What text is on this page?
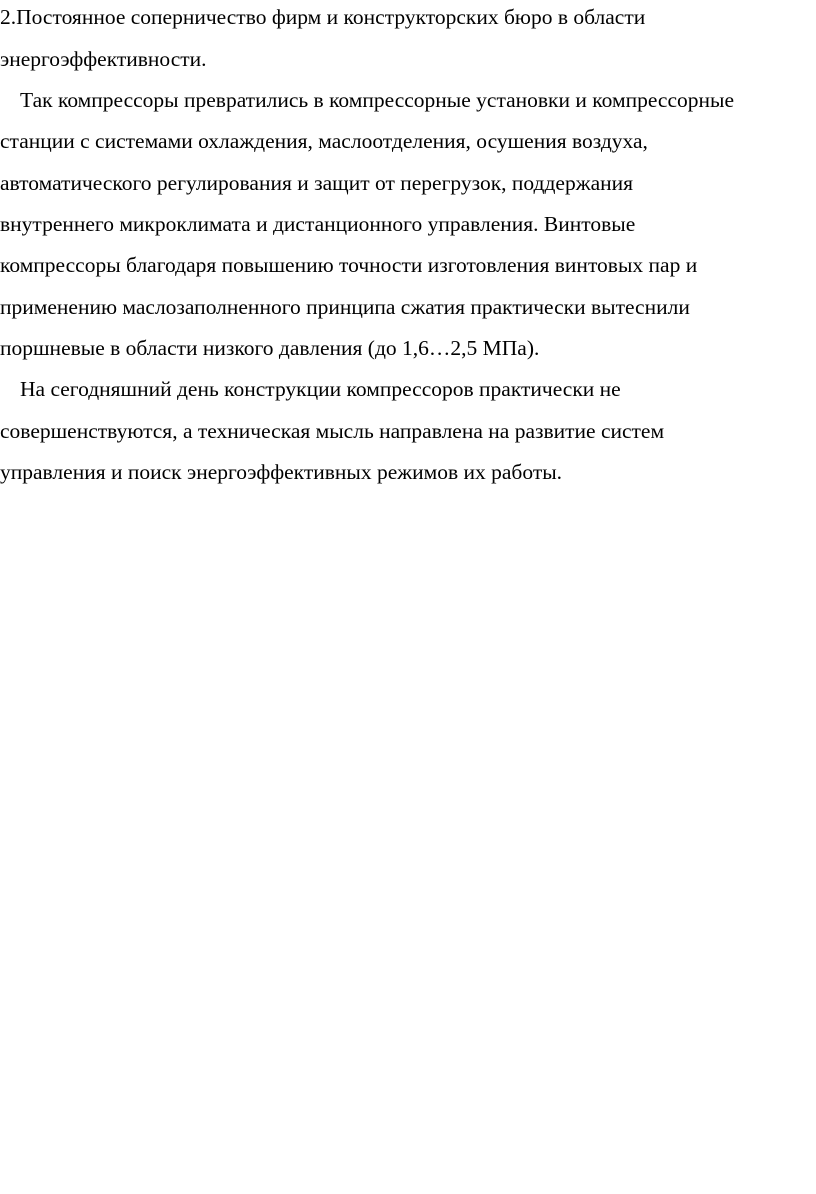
2.Постоянное соперничество фирм и конструкторских бюро в области
энергоэффективности.
Так компрессоры превратились в компрессорные установки и компрессорные
станции с системами охлаждения, маслоотделения, осушения воздуха,
автоматического регулирования и защит от перегрузок, поддержания
внутреннего микроклимата и дистанционного управления. Винтовые
компрессоры благодаря повышению точности изготовления винтовых пар и
применению маслозаполненного принципа сжатия практически вытеснили
поршневые в области низкого давления (до 1,6…2,5 МПа).
На сегодняшний день конструкции компрессоров практически не
совершенствуются, а техническая мысль направлена на развитие систем
управления и поиск энергоэффективных режимов их работы.
